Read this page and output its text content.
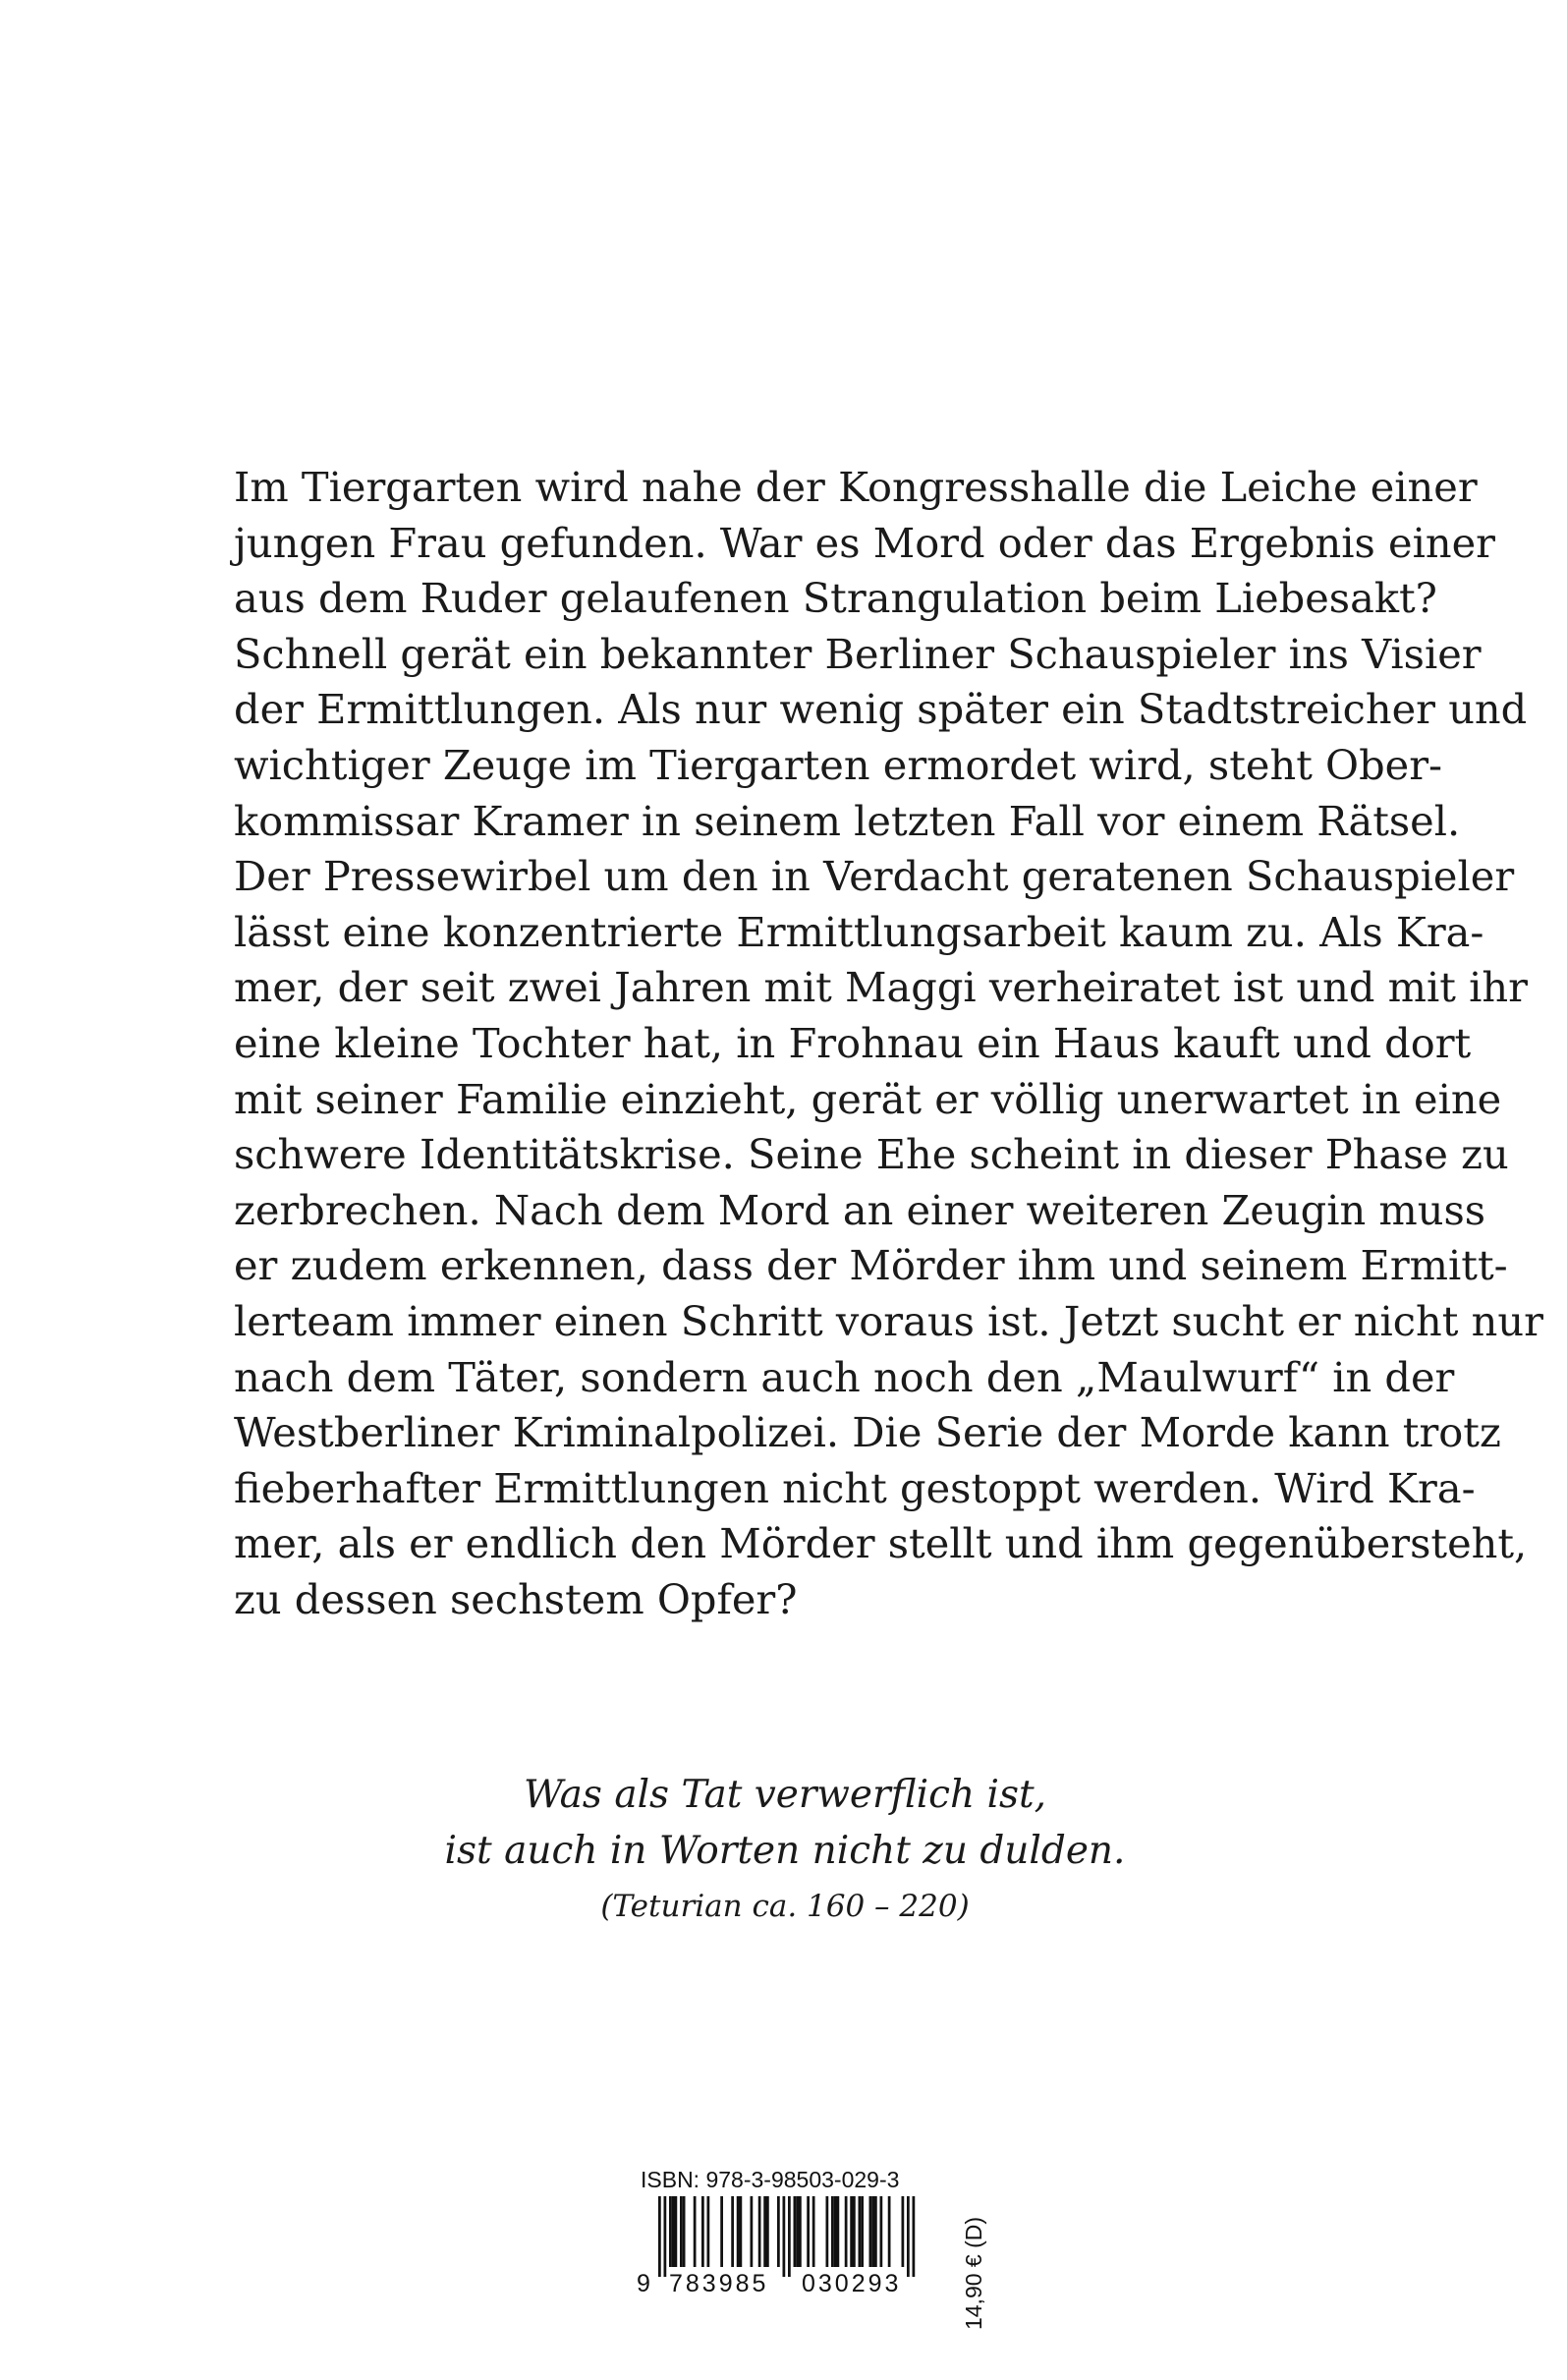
Im Tiergarten wird nahe der Kongresshalle die Leiche einer
jungen Frau gefunden. War es Mord oder das Ergebnis einer
aus dem Ruder gelaufenen Strangulation beim Liebesakt?
Schnell gerät ein bekannter Berliner Schauspieler ins Visier
der Ermittlungen. Als nur wenig später ein Stadtstreicher und
wichtiger Zeuge im Tiergarten ermordet wird, steht Ober-
kommissar Kramer in seinem letzten Fall vor einem Rätsel.
Der Pressewirbel um den in Verdacht geratenen Schauspieler
lässt eine konzentrierte Ermittlungsarbeit kaum zu. Als Kra-
mer, der seit zwei Jahren mit Maggi verheiratet ist und mit ihr
eine kleine Tochter hat, in Frohnau ein Haus kauft und dort
mit seiner Familie einzieht, gerät er völlig unerwartet in eine
schwere Identitätskrise. Seine Ehe scheint in dieser Phase zu
zerbrechen. Nach dem Mord an einer weiteren Zeugin muss
er zudem erkennen, dass der Mörder ihm und seinem Ermitt-
lerteam immer einen Schritt voraus ist. Jetzt sucht er nicht nur
nach dem Täter, sondern auch noch den „Maulwurf“ in der
Westberliner Kriminalpolizei. Die Serie der Morde kann trotz
fieberhafter Ermittlungen nicht gestoppt werden. Wird Kra-
mer, als er endlich den Mörder stellt und ihm gegenübersteht,
zu dessen sechstem Opfer?
Was als Tat verwerflich ist,
ist auch in Worten nicht zu dulden.
(Teturian ca. 160 – 220)
ISBN: 978-3-98503-029-3
9 783985 030293	14,90 € (D)
